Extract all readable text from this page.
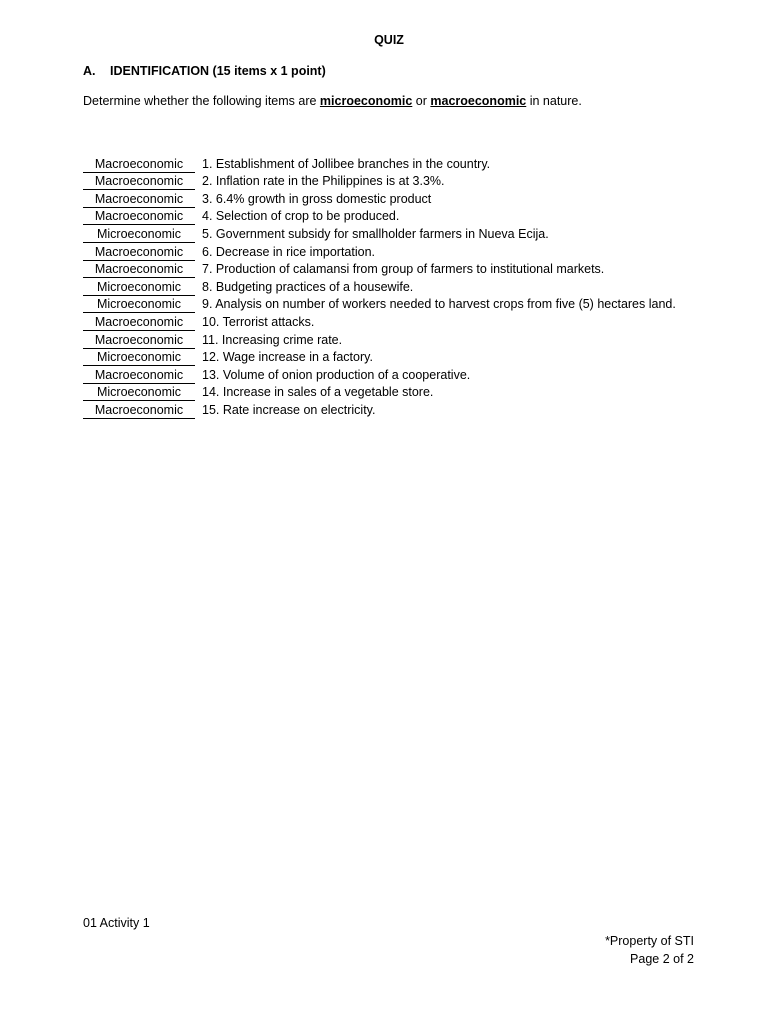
QUIZ
A. IDENTIFICATION (15 items x 1 point)
Determine whether the following items are microeconomic or macroeconomic in nature.
Macroeconomic	1. Establishment of Jollibee branches in the country.
Macroeconomic	2. Inflation rate in the Philippines is at 3.3%.
Macroeconomic	3. 6.4% growth in gross domestic product
Macroeconomic	4. Selection of crop to be produced.
Microeconomic	5. Government subsidy for smallholder farmers in Nueva Ecija.
Macroeconomic	6. Decrease in rice importation.
Macroeconomic	7. Production of calamansi from group of farmers to institutional markets.
Microeconomic	8. Budgeting practices of a housewife.
Microeconomic	9. Analysis on number of workers needed to harvest crops from five (5) hectares land.
Macroeconomic	10. Terrorist attacks.
Macroeconomic	11. Increasing crime rate.
Microeconomic	12. Wage increase in a factory.
Macroeconomic	13. Volume of onion production of a cooperative.
Microeconomic	14. Increase in sales of a vegetable store.
Macroeconomic	15. Rate increase on electricity.
01 Activity 1
*Property of STI
Page 2 of 2
